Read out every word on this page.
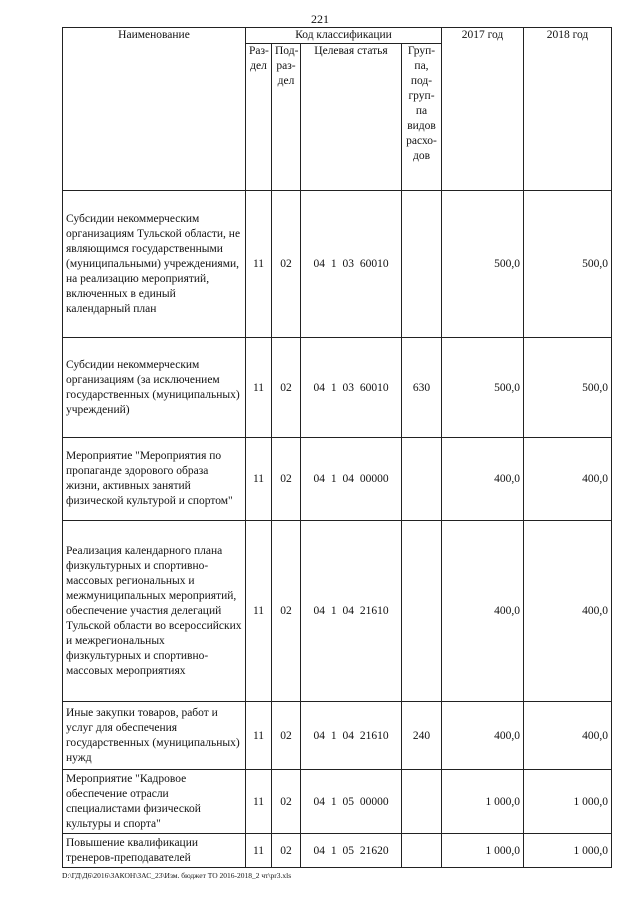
221
Наименование	Код классификации				2017 год	2018 год
	Раз- дел	Под- раз- дел	Целевая статья	Груп- па, под- груп- па видов расхо- дов		
Субсидии некоммерческим организациям Тульской области, не являющимся государственными (муниципальными) учреждениями, на реализацию мероприятий, включенных в единый календарный план	11	02	04 1 03 60010		500,0	500,0
Субсидии некоммерческим организациям (за исключением государственных (муниципальных) учреждений)	11	02	04 1 03 60010	630	500,0	500,0
Мероприятие "Мероприятия по пропаганде здорового образа жизни, активных занятий физической культурой и спортом"	11	02	04 1 04 00000		400,0	400,0
Реализация календарного плана физкультурных и спортивно-массовых региональных и межмуниципальных мероприятий, обеспечение участия делегаций Тульской области во всероссийских и межрегиональных физкультурных и спортивно-массовых мероприятиях	11	02	04 1 04 21610		400,0	400,0
Иные закупки товаров, работ и услуг для обеспечения государственных (муниципальных) нужд	11	02	04 1 04 21610	240	400,0	400,0
Мероприятие "Кадровое обеспечение отрасли специалистами физической культуры и спорта"	11	02	04 1 05 00000		1 000,0	1 000,0
Повышение квалификации тренеров-преподавателей	11	02	04 1 05 21620		1 000,0	1 000,0
D:\ГД\Д6\2016\ЗАКОН\ЗАС_23\Изм. бюджет ТО 2016-2018_2 чт\pr3.xls
